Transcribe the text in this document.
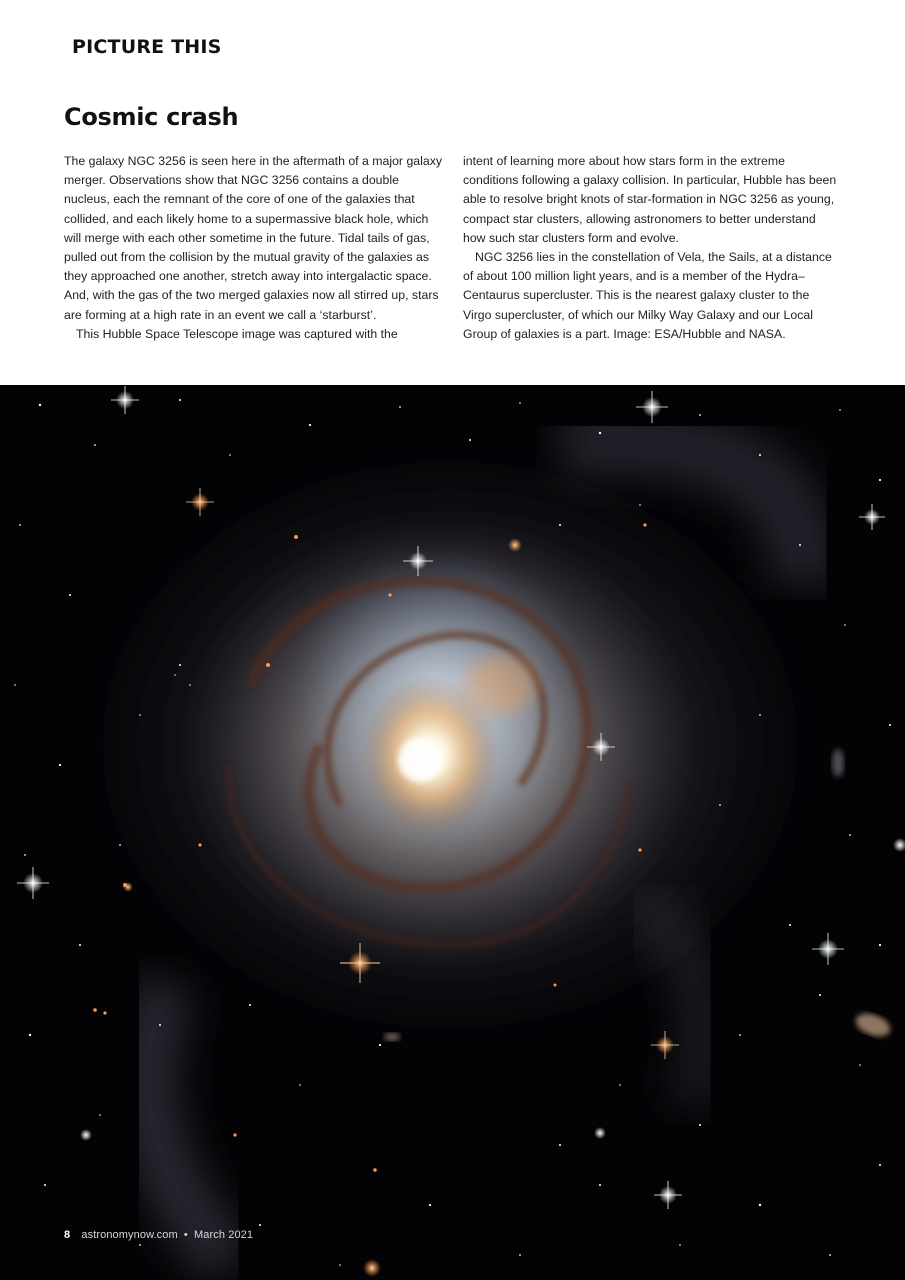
PICTURE THIS
Cosmic crash

The galaxy NGC 3256 is seen here in the aftermath of a major galaxy merger. Observations show that NGC 3256 contains a double nucleus, each the remnant of the core of one of the galaxies that collided, and each likely home to a supermassive black hole, which will merge with each other sometime in the future. Tidal tails of gas, pulled out from the collision by the mutual gravity of the galaxies as they approached one another, stretch away into intergalactic space. And, with the gas of the two merged galaxies now all stirred up, stars are forming at a high rate in an event we call a ‘starburst’.

This Hubble Space Telescope image was captured with the

intent of learning more about how stars form in the extreme conditions following a galaxy collision. In particular, Hubble has been able to resolve bright knots of star-formation in NGC 3256 as young, compact star clusters, allowing astronomers to better understand how such star clusters form and evolve.

NGC 3256 lies in the constellation of Vela, the Sails, at a distance of about 100 million light years, and is a member of the Hydra–Centaurus supercluster. This is the nearest galaxy cluster to the Virgo supercluster, of which our Milky Way Galaxy and our Local Group of galaxies is a part. Image: ESA/Hubble and NASA.

8 astronomynow.com • March 2021
